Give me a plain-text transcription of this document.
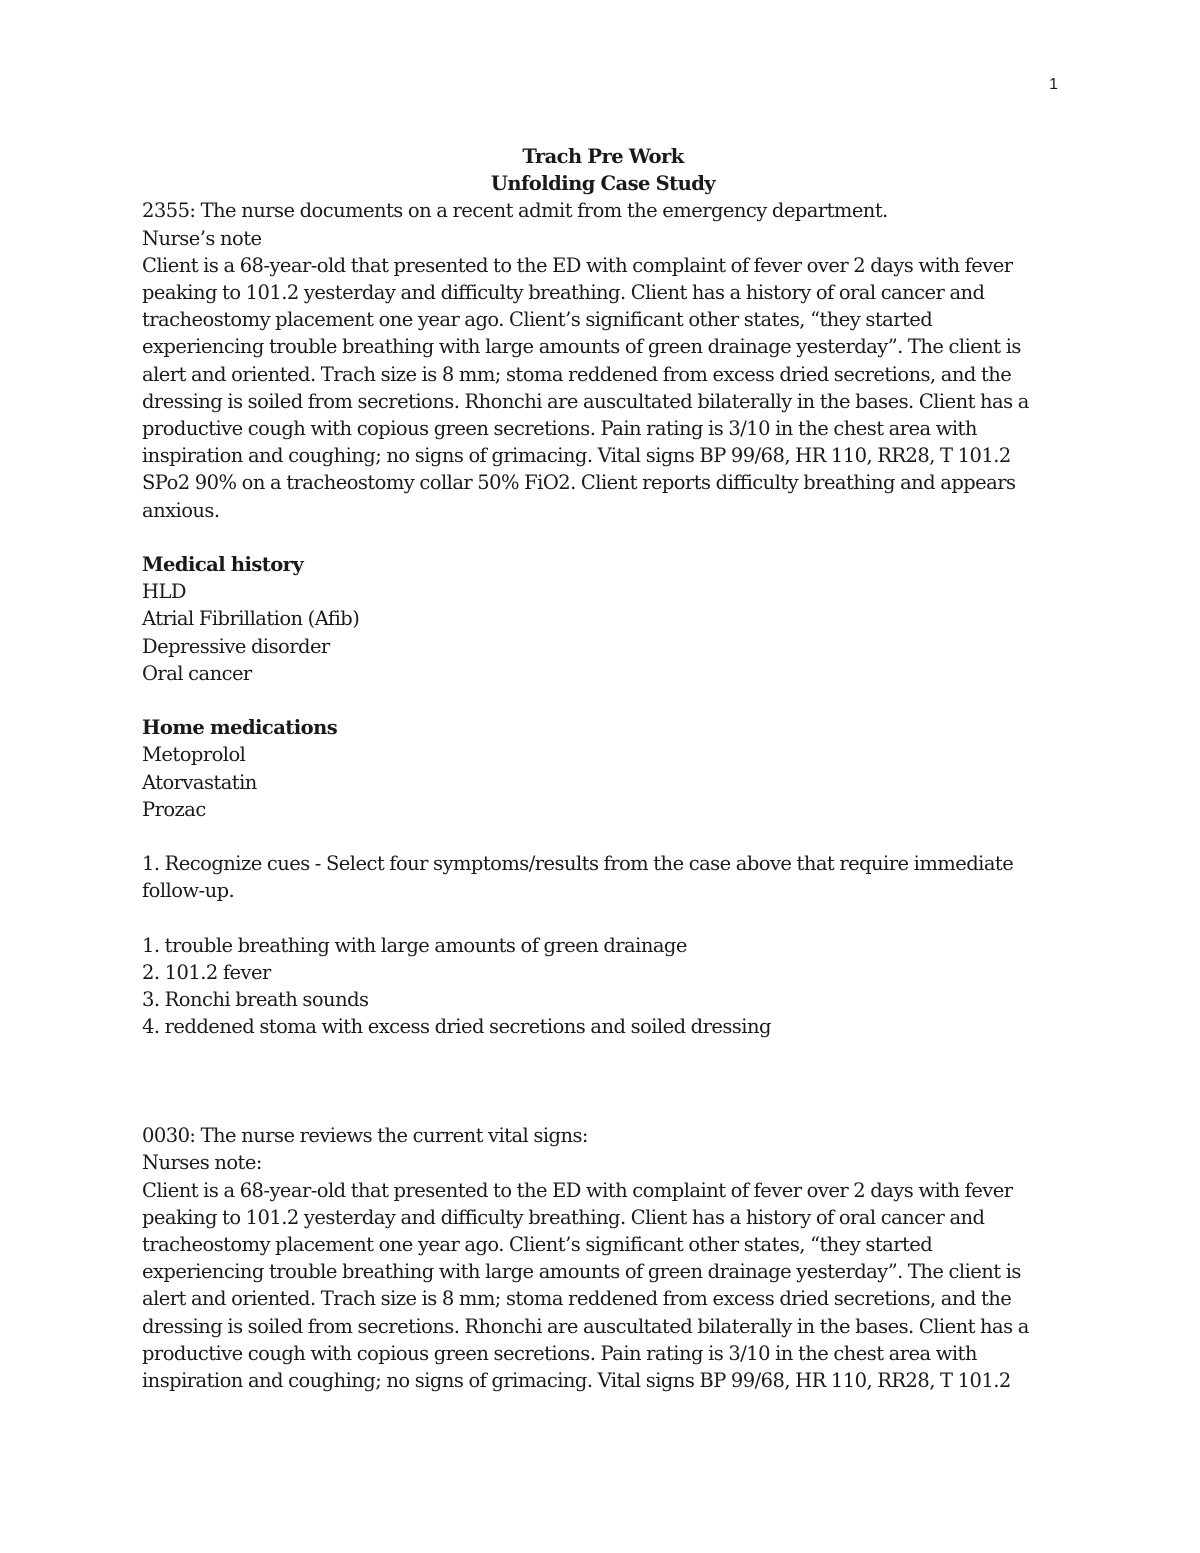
1
Trach Pre Work
Unfolding Case Study
2355: The nurse documents on a recent admit from the emergency department.
Nurse’s note
Client is a 68-year-old that presented to the ED with complaint of fever over 2 days with fever
peaking to 101.2 yesterday and difficulty breathing. Client has a history of oral cancer and
tracheostomy placement one year ago. Client’s significant other states, “they started
experiencing trouble breathing with large amounts of green drainage yesterday”. The client is
alert and oriented. Trach size is 8 mm; stoma reddened from excess dried secretions, and the
dressing is soiled from secretions. Rhonchi are auscultated bilaterally in the bases. Client has a
productive cough with copious green secretions. Pain rating is 3/10 in the chest area with
inspiration and coughing; no signs of grimacing. Vital signs BP 99/68, HR 110, RR28, T 101.2
SPo2 90% on a tracheostomy collar 50% FiO2. Client reports difficulty breathing and appears
anxious.
Medical history
HLD
Atrial Fibrillation (Afib)
Depressive disorder
Oral cancer
Home medications
Metoprolol
Atorvastatin
Prozac
1. Recognize cues - Select four symptoms/results from the case above that require immediate
follow-up.
1. trouble breathing with large amounts of green drainage
2. 101.2 fever
3. Ronchi breath sounds
4. reddened stoma with excess dried secretions and soiled dressing
0030: The nurse reviews the current vital signs:
Nurses note:
Client is a 68-year-old that presented to the ED with complaint of fever over 2 days with fever
peaking to 101.2 yesterday and difficulty breathing. Client has a history of oral cancer and
tracheostomy placement one year ago. Client’s significant other states, “they started
experiencing trouble breathing with large amounts of green drainage yesterday”. The client is
alert and oriented. Trach size is 8 mm; stoma reddened from excess dried secretions, and the
dressing is soiled from secretions. Rhonchi are auscultated bilaterally in the bases. Client has a
productive cough with copious green secretions. Pain rating is 3/10 in the chest area with
inspiration and coughing; no signs of grimacing. Vital signs BP 99/68, HR 110, RR28, T 101.2
